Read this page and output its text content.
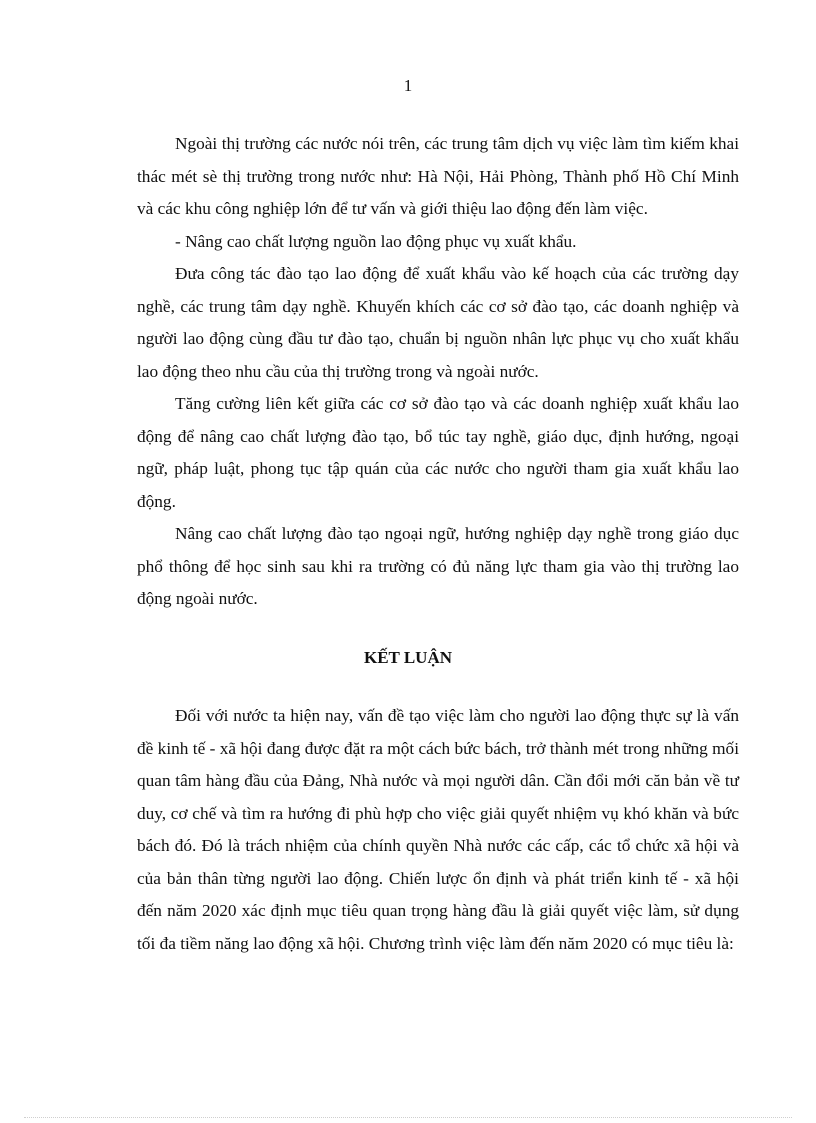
1

Ngoài thị trường các nước nói trên, các trung tâm dịch vụ việc làm tìm kiếm khai thác mét sè thị trường trong nước như: Hà Nội, Hải Phòng, Thành phố Hồ Chí Minh và các khu công nghiệp lớn để tư vấn và giới thiệu lao động đến làm việc.

- Nâng cao chất lượng nguồn lao động phục vụ xuất khẩu.

Đưa công tác đào tạo lao động để xuất khẩu vào kế hoạch của các trường dạy nghề, các trung tâm dạy nghề. Khuyến khích các cơ sở đào tạo, các doanh nghiệp và người lao động cùng đầu tư đào tạo, chuẩn bị nguồn nhân lực phục vụ cho xuất khẩu lao động theo nhu cầu của thị trường trong và ngoài nước.

Tăng cường liên kết giữa các cơ sở đào tạo và các doanh nghiệp xuất khẩu lao động để nâng cao chất lượng đào tạo, bổ túc tay nghề, giáo dục, định hướng, ngoại ngữ, pháp luật, phong tục tập quán của các nước cho người tham gia xuất khẩu lao động.

Nâng cao chất lượng đào tạo ngoại ngữ, hướng nghiệp dạy nghề trong giáo dục phổ thông để học sinh sau khi ra trường có đủ năng lực tham gia vào thị trường lao động ngoài nước.

KẾT LUẬN

Đối với nước ta hiện nay, vấn đề tạo việc làm cho người lao động thực sự là vấn đề kinh tế - xã hội đang được đặt ra một cách bức bách, trở thành mét trong những mối quan tâm hàng đầu của Đảng, Nhà nước và mọi người dân. Cần đổi mới căn bản về tư duy, cơ chế và tìm ra hướng đi phù hợp cho việc giải quyết nhiệm vụ khó khăn và bức bách đó. Đó là trách nhiệm của chính quyền Nhà nước các cấp, các tổ chức xã hội và của bản thân từng người lao động. Chiến lược ổn định và phát triển kinh tế - xã hội đến năm 2020 xác định mục tiêu quan trọng hàng đầu là giải quyết việc làm, sử dụng tối đa tiềm năng lao động xã hội. Chương trình việc làm đến năm 2020 có mục tiêu là:
